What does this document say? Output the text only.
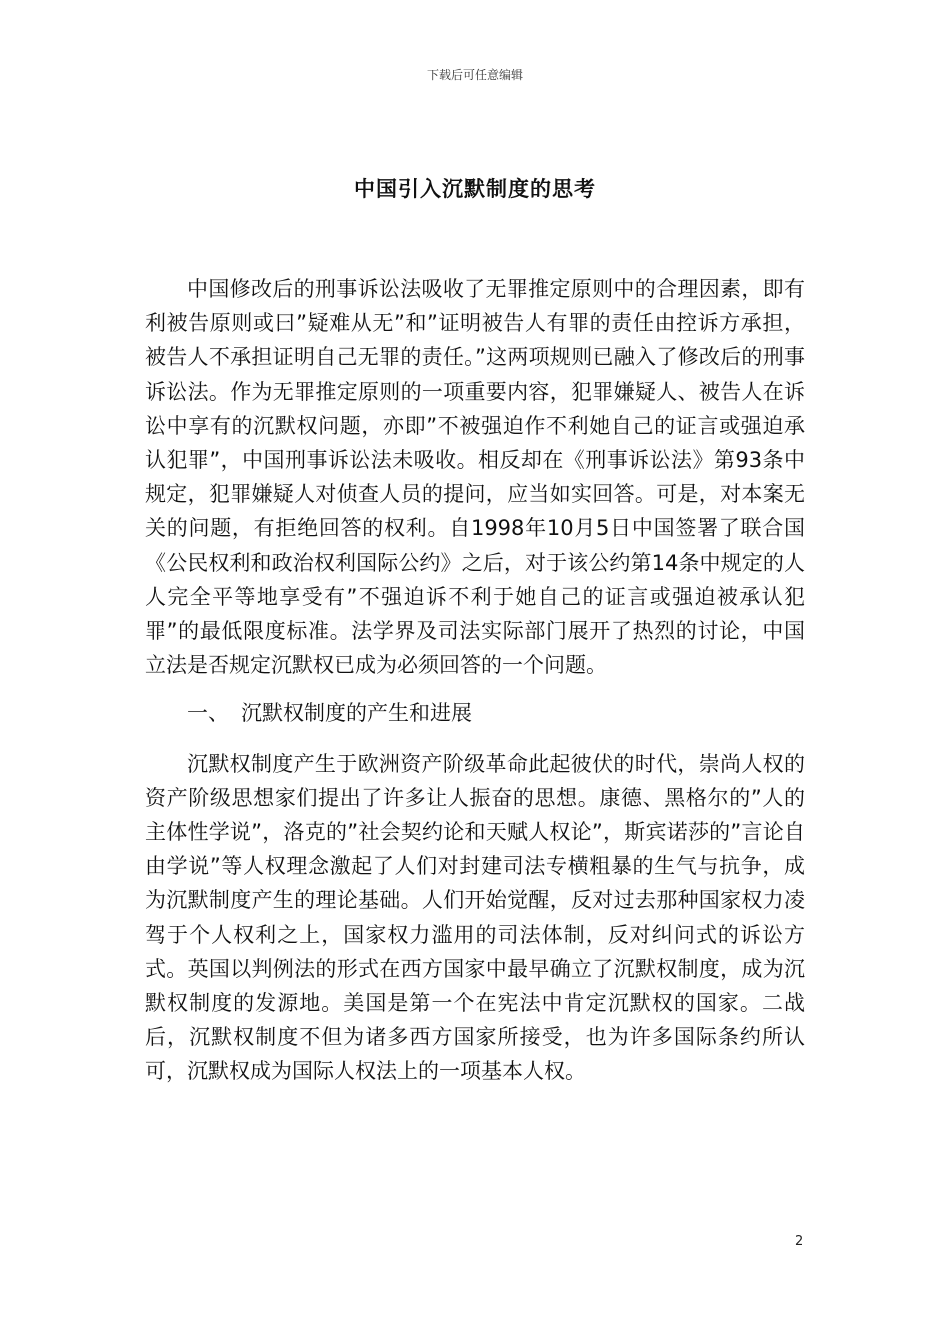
下载后可任意编辑
中国引入沉默制度的思考

中国修改后的刑事诉讼法吸收了无罪推定原则中的合理因素，即有利被告原则或曰”疑难从无”和”证明被告人有罪的责任由控诉方承担，被告人不承担证明自己无罪的责任。”这两项规则已融入了修改后的刑事诉讼法。作为无罪推定原则的一项重要内容，犯罪嫌疑人、被告人在诉讼中享有的沉默权问题，亦即”不被强迫作不利她自己的证言或强迫承认犯罪”，中国刑事诉讼法未吸收。相反却在《刑事诉讼法》第93条中规定，犯罪嫌疑人对侦查人员的提问，应当如实回答。可是，对本案无关的问题，有拒绝回答的权利。自1998年10月5日中国签署了联合国《公民权利和政治权利国际公约》之后，对于该公约第14条中规定的人人完全平等地享受有”不强迫诉不利于她自己的证言或强迫被承认犯罪”的最低限度标准。法学界及司法实际部门展开了热烈的讨论，中国立法是否规定沉默权已成为必须回答的一个问题。

一、 沉默权制度的产生和进展

沉默权制度产生于欧洲资产阶级革命此起彼伏的时代，崇尚人权的资产阶级思想家们提出了许多让人振奋的思想。康德、黑格尔的”人的主体性学说”，洛克的”社会契约论和天赋人权论”，斯宾诺莎的”言论自由学说”等人权理念激起了人们对封建司法专横粗暴的生气与抗争，成为沉默制度产生的理论基础。人们开始觉醒，反对过去那种国家权力凌驾于个人权利之上，国家权力滥用的司法体制，反对纠问式的诉讼方式。英国以判例法的形式在西方国家中最早确立了沉默权制度，成为沉默权制度的发源地。美国是第一个在宪法中肯定沉默权的国家。二战后，沉默权制度不但为诸多西方国家所接受，也为许多国际条约所认可，沉默权成为国际人权法上的一项基本人权。

2
